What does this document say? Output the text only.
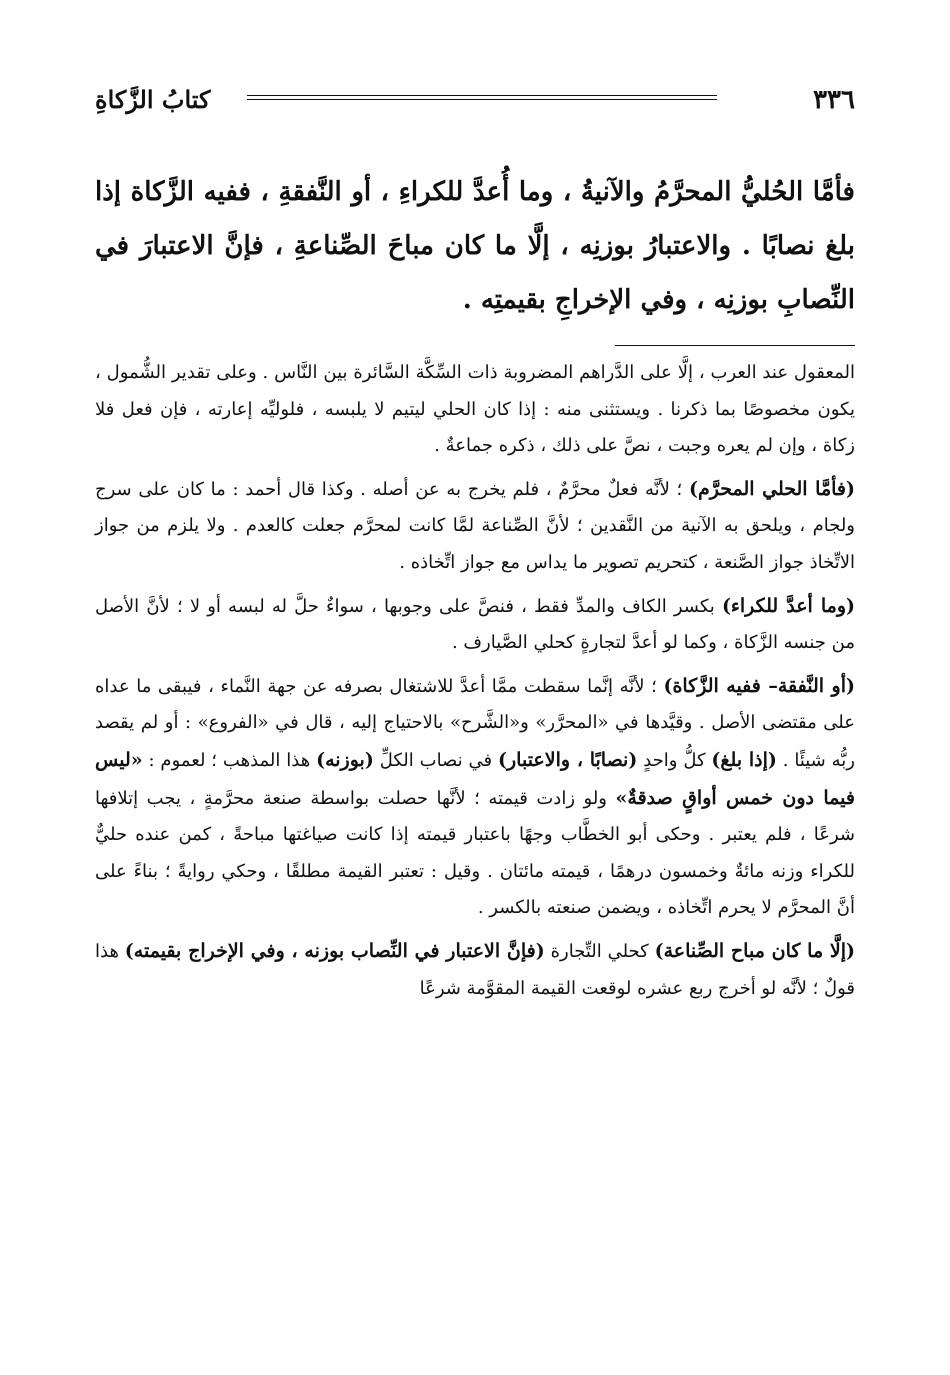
٣٣٦
كتابُ الزَّكاةِ
فأمَّا الحُليُّ المحرَّمُ والآنيةُ ، وما أُعدَّ للكراءِ ، أو النَّفقةِ ، ففيه الزَّكاة إذا بلغ نصابًا . والاعتبارُ بوزنِه ، إلَّا ما كان مباحَ الصِّناعةِ ، فإنَّ الاعتبارَ في النِّصابِ بوزنِه ، وفي الإخراجِ بقيمتِه .

المعقول عند العرب ، إلَّا على الدَّراهم المضروبة ذات السِّكَّة السَّائرة بين النَّاس . وعلى تقدير الشُّمول ، يكون مخصوصًا بما ذكرنا . ويستثنى منه : إذا كان الحلي ليتيم لا يلبسه ، فلوليِّه إعارته ، فإن فعل فلا زكاة ، وإن لم يعره وجبت ، نصَّ على ذلك ، ذكره جماعةٌ .

(فأمَّا الحلي المحرَّم) ؛ لأنَّه فعلٌ محرَّمٌ ، فلم يخرج به عن أصله . وكذا قال أحمد : ما كان على سرج ولجام ، ويلحق به الآنية من النَّقدين ؛ لأنَّ الصِّناعة لمَّا كانت لمحرَّم جعلت كالعدم . ولا يلزم من جواز الاتِّخاذ جواز الصَّنعة ، كتحريم تصوير ما يداس مع جواز اتِّخاذه .

(وما أعدَّ للكراء) بكسر الكاف والمدِّ فقط ، فنصَّ على وجوبها ، سواءٌ حلَّ له لبسه أو لا ؛ لأنَّ الأصل من جنسه الزَّكاة ، وكما لو أعدَّ لتجارةٍ كحلي الصَّيارف .

(أو النَّفقة– ففيه الزَّكاة) ؛ لأنَّه إنَّما سقطت ممَّا أعدَّ للاشتغال بصرفه عن جهة النَّماء ، فيبقى ما عداه على مقتضى الأصل . وقيَّدها في «المحرَّر» و«الشَّرح» بالاحتياج إليه ، قال في «الفروع» : أو لم يقصد ربُّه شيئًا . (إذا بلغ) كلُّ واحدٍ (نصابًا ، والاعتبار) في نصاب الكلِّ (بوزنه) هذا المذهب ؛ لعموم : «ليس فيما دون خمس أواقٍ صدقةٌ» ولو زادت قيمته ؛ لأنَّها حصلت بواسطة صنعة محرَّمةٍ ، يجب إتلافها شرعًا ، فلم يعتبر . وحكى أبو الخطَّاب وجهًا باعتبار قيمته إذا كانت صياغتها مباحةً ، كمن عنده حليٌّ للكراء وزنه مائةٌ وخمسون درهمًا ، قيمته مائتان . وقيل : تعتبر القيمة مطلقًا ، وحكي روايةً ؛ بناءً على أنَّ المحرَّم لا يحرم اتِّخاذه ، ويضمن صنعته بالكسر .

(إلَّا ما كان مباح الصِّناعة) كحلي التِّجارة (فإنَّ الاعتبار في النِّصاب بوزنه ، وفي الإخراج بقيمته) هذا قولٌ ؛ لأنَّه لو أخرج ربع عشره لوقعت القيمة المقوَّمة شرعًا
